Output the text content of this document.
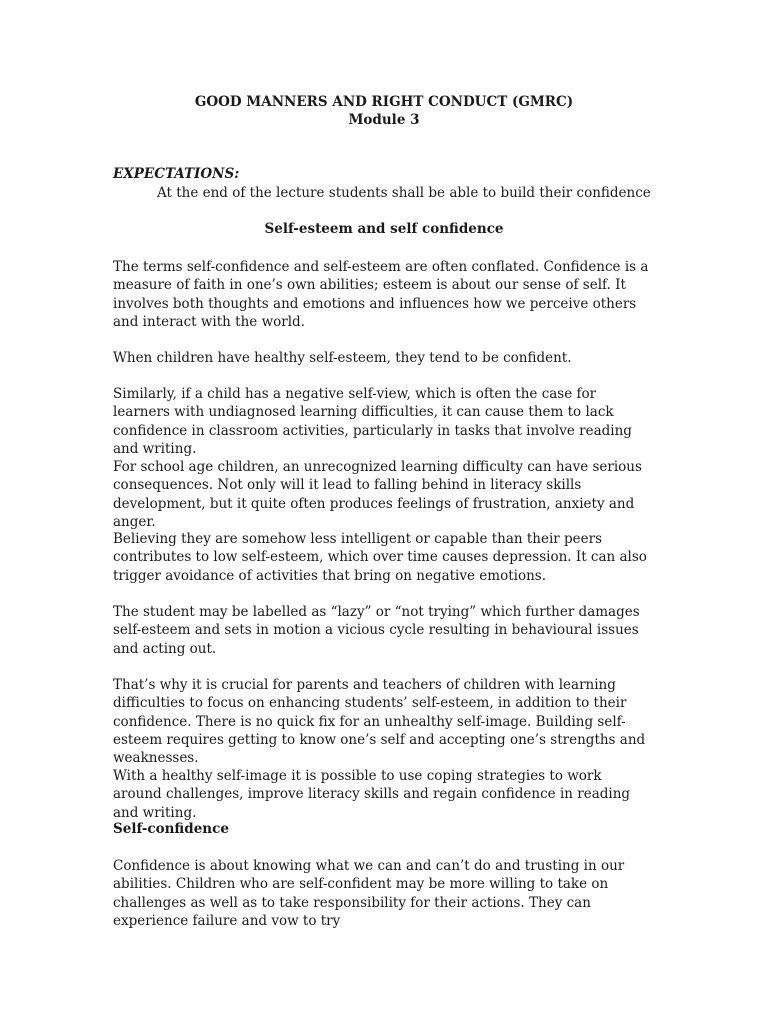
GOOD MANNERS AND RIGHT CONDUCT (GMRC)
Module 3
EXPECTATIONS:
At the end of the lecture students shall be able to build their confidence
Self-esteem and self confidence

The terms self-confidence and self-esteem are often conflated. Confidence is a measure of faith in one’s own abilities; esteem is about our sense of self. It involves both thoughts and emotions and influences how we perceive others and interact with the world.

When children have healthy self-esteem, they tend to be confident.

Similarly, if a child has a negative self-view, which is often the case for learners with undiagnosed learning difficulties, it can cause them to lack confidence in classroom activities, particularly in tasks that involve reading and writing.

For school age children, an unrecognized learning difficulty can have serious consequences. Not only will it lead to falling behind in literacy skills development, but it quite often produces feelings of frustration, anxiety and anger.

Believing they are somehow less intelligent or capable than their peers contributes to low self-esteem, which over time causes depression. It can also trigger avoidance of activities that bring on negative emotions.

The student may be labelled as “lazy” or “not trying” which further damages self-esteem and sets in motion a vicious cycle resulting in behavioural issues and acting out.

That’s why it is crucial for parents and teachers of children with learning difficulties to focus on enhancing students’ self-esteem, in addition to their confidence. There is no quick fix for an unhealthy self-image. Building self-esteem requires getting to know one’s self and accepting one’s strengths and weaknesses.

With a healthy self-image it is possible to use coping strategies to work around challenges, improve literacy skills and regain confidence in reading and writing.

Self-confidence

Confidence is about knowing what we can and can’t do and trusting in our abilities. Children who are self-confident may be more willing to take on challenges as well as to take responsibility for their actions. They can experience failure and vow to try
